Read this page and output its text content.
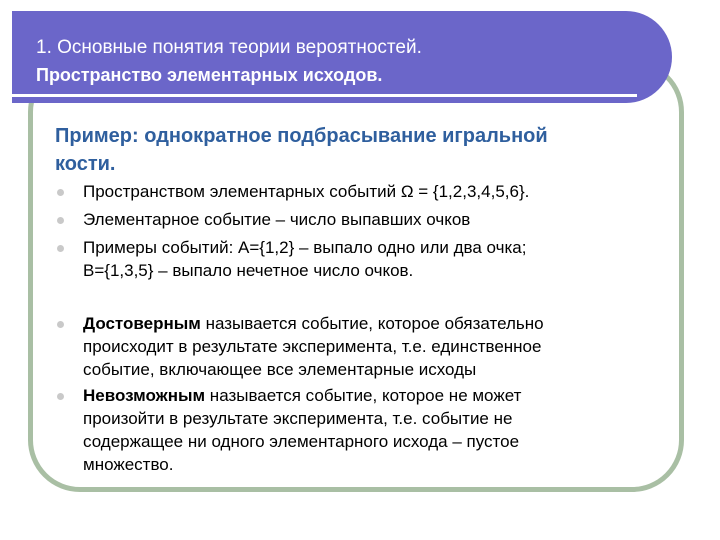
1. Основные понятия теории вероятностей.
Пространство элементарных исходов.
Пример: однократное подбрасывание игральной
кости.
Пространством элементарных событий Ω = {1,2,3,4,5,6}.
Элементарное событие – число выпавших очков
Примеры событий: A={1,2} – выпало одно или два очка;
B={1,3,5} – выпало нечетное число очков.
Достоверным называется событие, которое обязательно
происходит в результате эксперимента, т.е. единственное
событие, включающее все элементарные исходы
Невозможным называется событие, которое не может
произойти в результате эксперимента, т.е. событие не
содержащее ни одного элементарного исхода – пустое
множество.
